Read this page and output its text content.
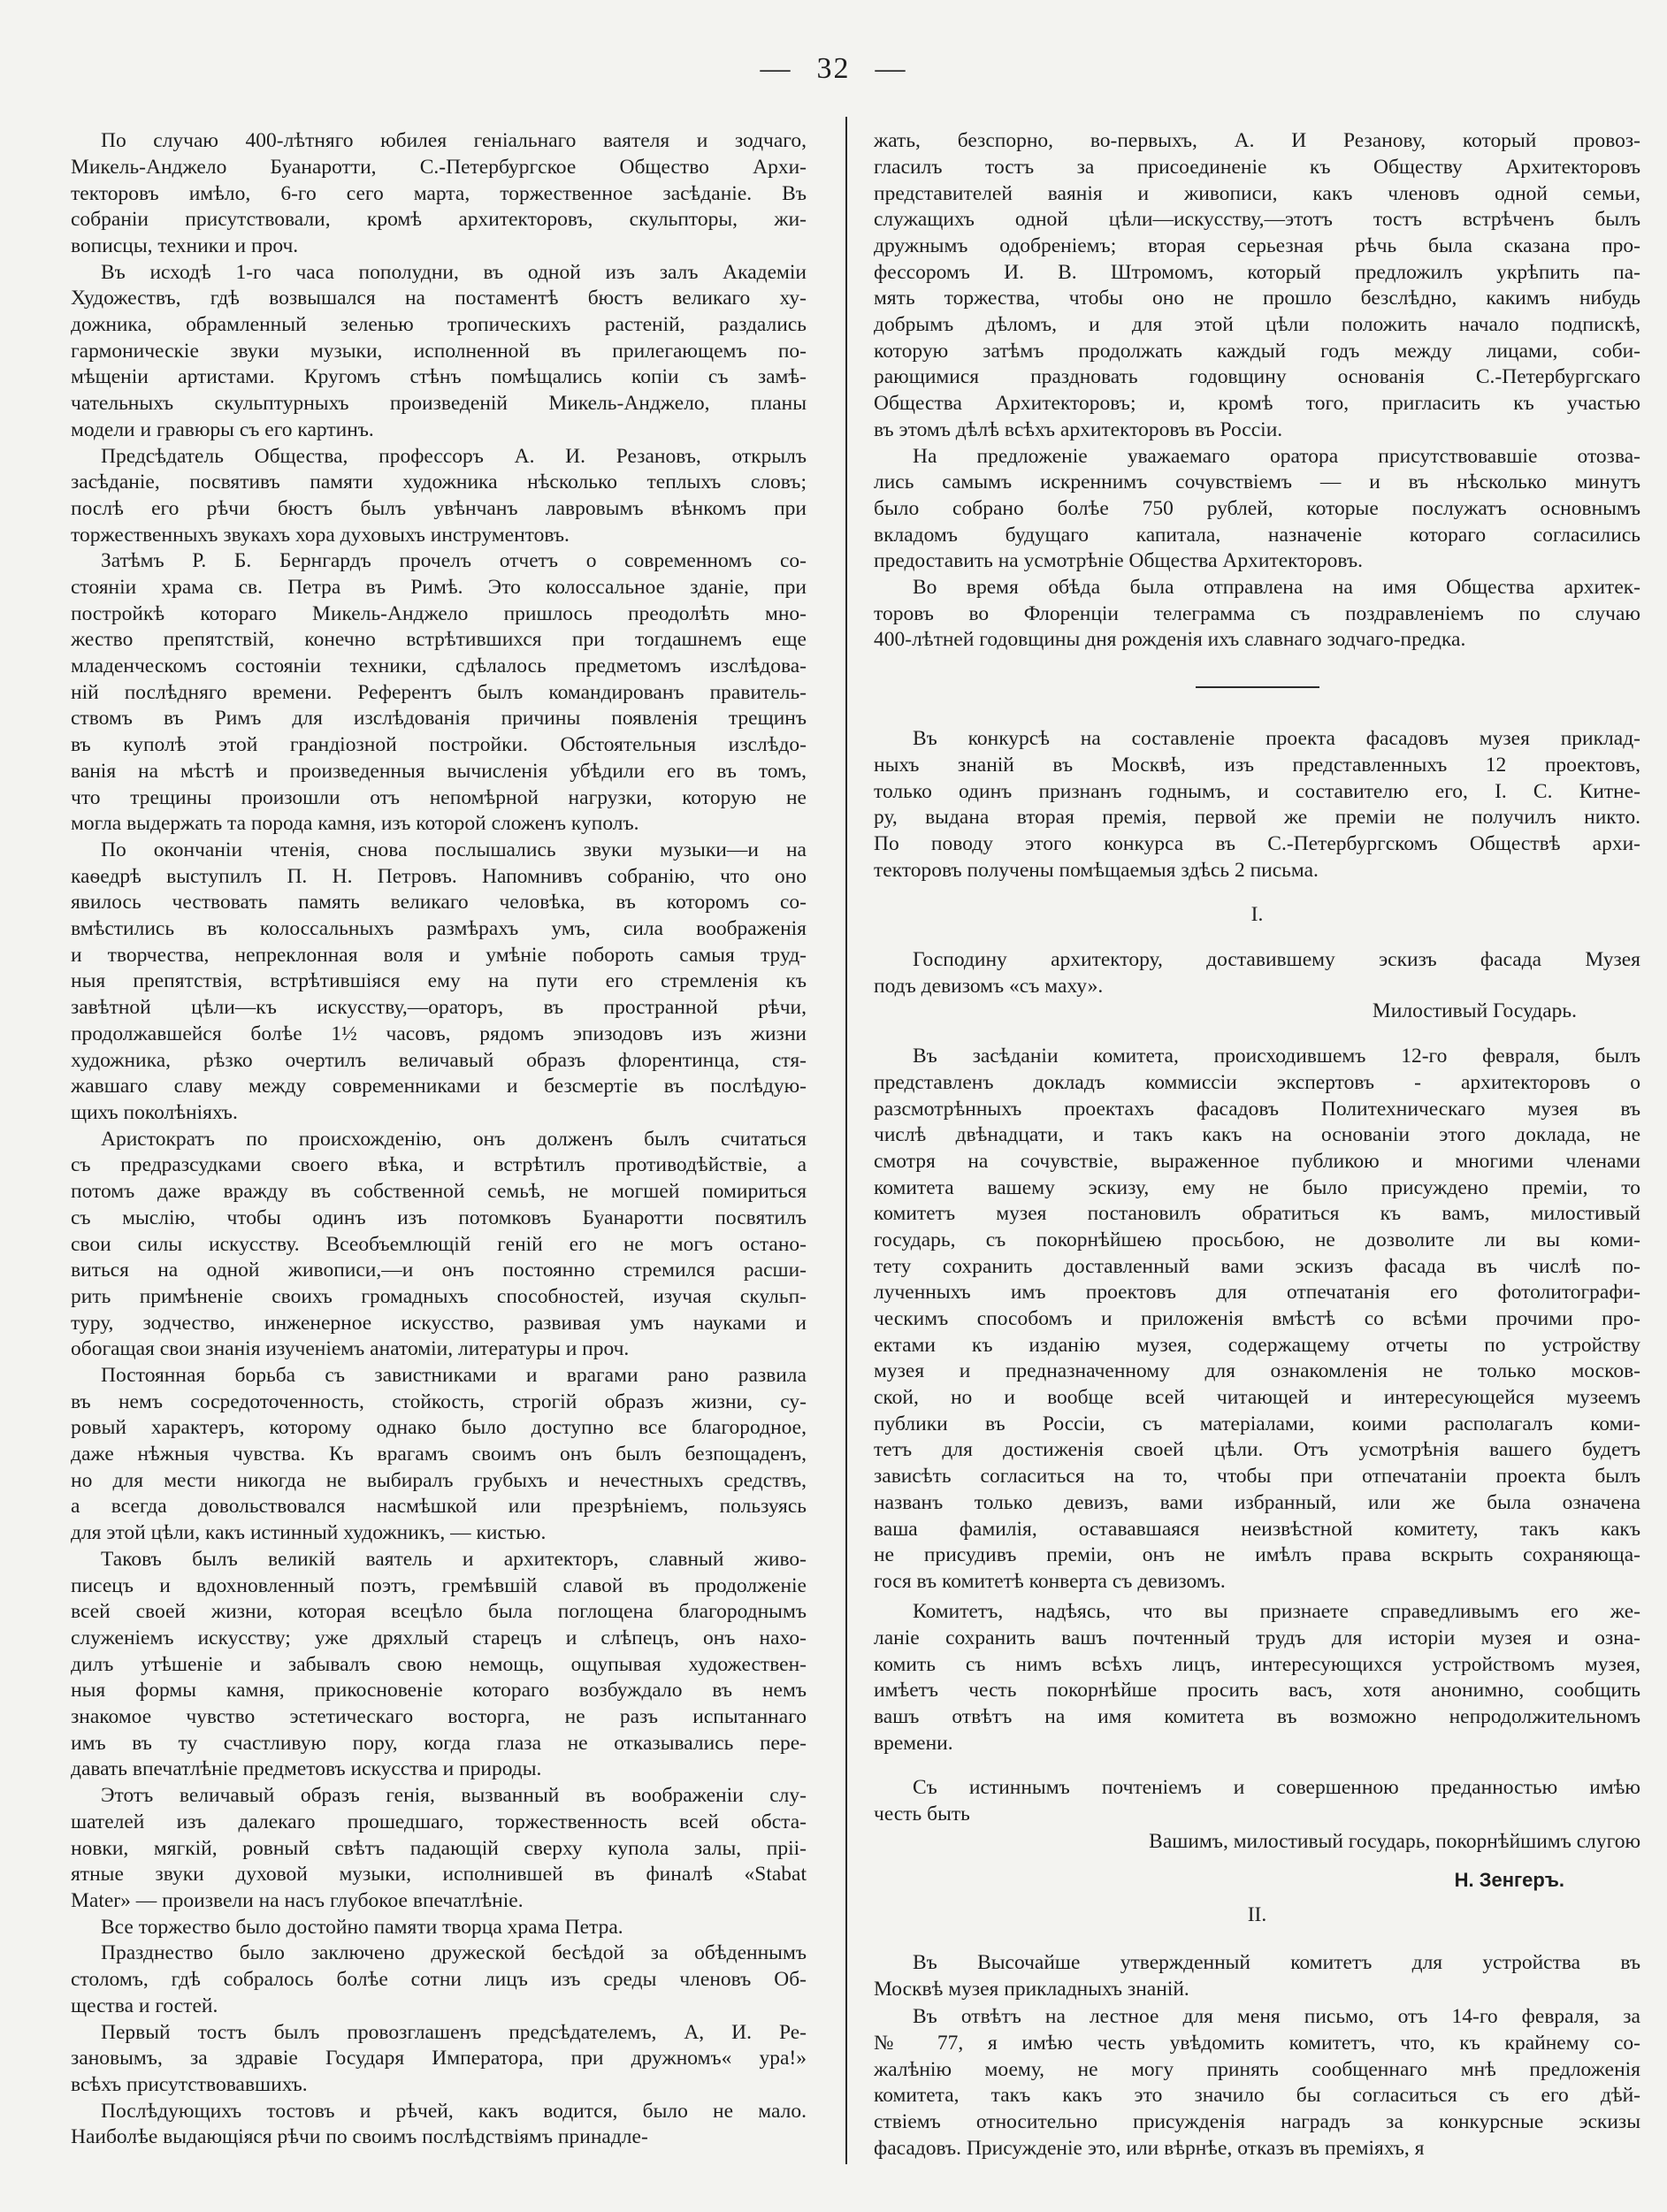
— 32 —
По случаю 400-лѣтняго юбилея геніальнаго ваятеля и зодчаго,
Микель-Анджело Буанаротти, С.-Петербургское Общество Архи-
текторовъ имѣло, 6-го сего марта, торжественное засѣданіе. Въ
собраніи присутствовали, кромѣ архитекторовъ, скульпторы, жи-
вописцы, техники и проч.
Въ исходѣ 1-го часа пополудни, въ одной изъ залъ Академіи
Художествъ, гдѣ возвышался на постаментѣ бюстъ великаго ху-
дожника, обрамленный зеленью тропическихъ растеній, раздались
гармоническіе звуки музыки, исполненной въ прилегающемъ по-
мѣщеніи артистами. Кругомъ стѣнъ помѣщались копіи съ замѣ-
чательныхъ скульптурныхъ произведеній Микель-Анджело, планы
модели и гравюры съ его картинъ.
Предсѣдатель Общества, профессоръ А. И. Резановъ, открылъ
засѣданіе, посвятивъ памяти художника нѣсколько теплыхъ словъ;
послѣ его рѣчи бюстъ былъ увѣнчанъ лавровымъ вѣнкомъ при
торжественныхъ звукахъ хора духовыхъ инструментовъ.
Затѣмъ Р. Б. Бернгардъ прочелъ отчетъ о современномъ со-
стояніи храма св. Петра въ Римѣ. Это колоссальное зданіе, при
постройкѣ котораго Микель-Анджело пришлось преодолѣть мно-
жество препятствій, конечно встрѣтившихся при тогдашнемъ еще
младенческомъ состояніи техники, сдѣлалось предметомъ изслѣдова-
ній послѣдняго времени. Референтъ былъ командированъ правитель-
ствомъ въ Римъ для изслѣдованія причины появленія трещинъ
въ куполѣ этой грандіозной постройки. Обстоятельныя изслѣдо-
ванія на мѣстѣ и произведенныя вычисленія убѣдили его въ томъ,
что трещины произошли отъ непомѣрной нагрузки, которую не
могла выдержать та порода камня, изъ которой сложенъ куполъ.
По окончаніи чтенія, снова послышались звуки музыки—и на
каѳедрѣ выступилъ П. Н. Петровъ. Напомнивъ собранію, что оно
явилось чествовать память великаго человѣка, въ которомъ со-
вмѣстились въ колоссальныхъ размѣрахъ умъ, сила воображенія
и творчества, непреклонная воля и умѣніе побороть самыя труд-
ныя препятствія, встрѣтившіяся ему на пути его стремленія къ
завѣтной цѣли—къ искусству,—ораторъ, въ пространной рѣчи,
продолжавшейся болѣе 1½ часовъ, рядомъ эпизодовъ изъ жизни
художника, рѣзко очертилъ величавый образъ флорентинца, стя-
жавшаго славу между современниками и безсмертіе въ послѣдую-
щихъ поколѣніяхъ.
Аристократъ по происхожденію, онъ долженъ былъ считаться
съ предразсудками своего вѣка, и встрѣтилъ противодѣйствіе, а
потомъ даже вражду въ собственной семьѣ, не могшей помириться
съ мыслію, чтобы одинъ изъ потомковъ Буанаротти посвятилъ
свои силы искусству. Всеобъемлющій геній его не могъ остано-
виться на одной живописи,—и онъ постоянно стремился расши-
рить примѣненіе своихъ громадныхъ способностей, изучая скульп-
туру, зодчество, инженерное искусство, развивая умъ науками и
обогащая свои знанія изученіемъ анатоміи, литературы и проч.
Постоянная борьба съ завистниками и врагами рано развила
въ немъ сосредоточенность, стойкость, строгій образъ жизни, су-
ровый характеръ, которому однако было доступно все благородное,
даже нѣжныя чувства. Къ врагамъ своимъ онъ былъ безпощаденъ,
но для мести никогда не выбиралъ грубыхъ и нечестныхъ средствъ,
а всегда довольствовался насмѣшкой или презрѣніемъ, пользуясь
для этой цѣли, какъ истинный художникъ, — кистью.
Таковъ былъ великій ваятель и архитекторъ, славный живо-
писецъ и вдохновленный поэтъ, гремѣвшій славой въ продолженіе
всей своей жизни, которая всецѣло была поглощена благороднымъ
служеніемъ искусству; уже дряхлый старецъ и слѣпецъ, онъ нахо-
дилъ утѣшеніе и забывалъ свою немощь, ощупывая художествен-
ныя формы камня, прикосновеніе котораго возбуждало въ немъ
знакомое чувство эстетическаго восторга, не разъ испытаннаго
имъ въ ту счастливую пору, когда глаза не отказывались пере-
давать впечатлѣніе предметовъ искусства и природы.
Этотъ величавый образъ генія, вызванный въ воображеніи слу-
шателей изъ далекаго прошедшаго, торжественность всей обста-
новки, мягкій, ровный свѣтъ падающій сверху купола залы, пріі-
ятные звуки духовой музыки, исполнившей въ финалѣ «Stabat
Mater» — произвели на насъ глубокое впечатлѣніе.
Все торжество было достойно памяти творца храма Петра.
Празднество было заключено дружеской бесѣдой за обѣденнымъ
столомъ, гдѣ собралось болѣе сотни лицъ изъ среды членовъ Об-
щества и гостей.
Первый тостъ былъ провозглашенъ предсѣдателемъ, А, И. Ре-
зановымъ, за здравіе Государя Императора, при дружномъ« ура!»
всѣхъ присутствовавшихъ.
Послѣдующихъ тостовъ и рѣчей, какъ водится, было не мало.
Наиболѣе выдающіяся рѣчи по своимъ послѣдствіямъ принадле-
жать, безспорно, во-первыхъ, А. И Резанову, который провоз-
гласилъ тостъ за присоединеніе къ Обществу Архитекторовъ
представителей ваянія и живописи, какъ членовъ одной семьи,
служащихъ одной цѣли—искусству,—этотъ тостъ встрѣченъ былъ
дружнымъ одобреніемъ; вторая серьезная рѣчь была сказана про-
фессоромъ И. В. Штромомъ, который предложилъ укрѣпить па-
мять торжества, чтобы оно не прошло безслѣдно, какимъ нибудь
добрымъ дѣломъ, и для этой цѣли положить начало подпискѣ,
которую затѣмъ продолжать каждый годъ между лицами, соби-
рающимися праздновать годовщину основанія С.-Петербургскаго
Общества Архитекторовъ; и, кромѣ того, пригласить къ участью
въ этомъ дѣлѣ всѣхъ архитекторовъ въ Россіи.
На предложеніе уважаемаго оратора присутствовавшіе отозва-
лись самымъ искреннимъ сочувствіемъ — и въ нѣсколько минутъ
было собрано болѣе 750 рублей, которые послужатъ основнымъ
вкладомъ будущаго капитала, назначеніе котораго согласились
предоставить на усмотрѣніе Общества Архитекторовъ.
Во время обѣда была отправлена на имя Общества архитек-
торовъ во Флоренціи телеграмма съ поздравленіемъ по случаю
400-лѣтней годовщины дня рожденія ихъ славнаго зодчаго-предка.
Въ конкурсѣ на составленіе проекта фасадовъ музея приклад-
ныхъ знаній въ Москвѣ, изъ представленныхъ 12 проектовъ,
только одинъ признанъ годнымъ, и составителю его, І. С. Китне-
ру, выдана вторая премія, первой же преміи не получилъ никто.
По поводу этого конкурса въ С.-Петербургскомъ Обществѣ архи-
текторовъ получены помѣщаемыя здѣсь 2 письма.
I.
Господину архитектору, доставившему эскизъ фасада Музея
подъ девизомъ «съ маху».
Милостивый Государь.
Въ засѣданіи комитета, происходившемъ 12-го февраля, былъ
представленъ докладъ коммиссіи экспертовъ - архитекторовъ о
разсмотрѣнныхъ проектахъ фасадовъ Политехническаго музея въ
числѣ двѣнадцати, и такъ какъ на основаніи этого доклада, не
смотря на сочувствіе, выраженное публикою и многими членами
комитета вашему эскизу, ему не было присуждено преміи, то
комитетъ музея постановилъ обратиться къ вамъ, милостивый
государь, съ покорнѣйшею просьбою, не дозволите ли вы коми-
тету сохранить доставленный вами эскизъ фасада въ числѣ по-
лученныхъ имъ проектовъ для отпечатанія его фотолитографи-
ческимъ способомъ и приложенія вмѣстѣ со всѣми прочими про-
ектами къ изданію музея, содержащему отчеты по устройству
музея и предназначенному для ознакомленія не только москов-
ской, но и вообще всей читающей и интересующейся музеемъ
публики въ Россіи, съ матеріалами, коими располагалъ коми-
тетъ для достиженія своей цѣли. Отъ усмотрѣнія вашего будетъ
зависѣть согласиться на то, чтобы при отпечатаніи проекта былъ
названъ только девизъ, вами избранный, или же была означена
ваша фамилія, остававшаяся неизвѣстной комитету, такъ какъ
не присудивъ преміи, онъ не имѣлъ права вскрыть сохраняюща-
гося въ комитетѣ конверта съ девизомъ.
Комитетъ, надѣясь, что вы признаете справедливымъ его же-
ланіе сохранить вашъ почтенный трудъ для исторіи музея и озна-
комить съ нимъ всѣхъ лицъ, интересующихся устройствомъ музея,
имѣетъ честь покорнѣйше просить васъ, хотя анонимно, сообщить
вашъ отвѣтъ на имя комитета въ возможно непродолжительномъ
времени.
Съ истиннымъ почтеніемъ и совершенною преданностью имѣю
честь быть
Вашимъ, милостивый государь, покорнѣйшимъ слугою
Н. Зенгеръ.
II.
Въ Высочайше утвержденный комитетъ для устройства въ
Москвѣ музея прикладныхъ знаній.
Въ отвѣтъ на лестное для меня письмо, отъ 14-го февраля, за
№ 77, я имѣю честь увѣдомить комитетъ, что, къ крайнему со-
жалѣнію моему, не могу принять сообщеннаго мнѣ предложенія
комитета, такъ какъ это значило бы согласиться съ его дѣй-
ствіемъ относительно присужденія наградъ за конкурсные эскизы
фасадовъ. Присужденіе это, или вѣрнѣе, отказъ въ преміяхъ, я
